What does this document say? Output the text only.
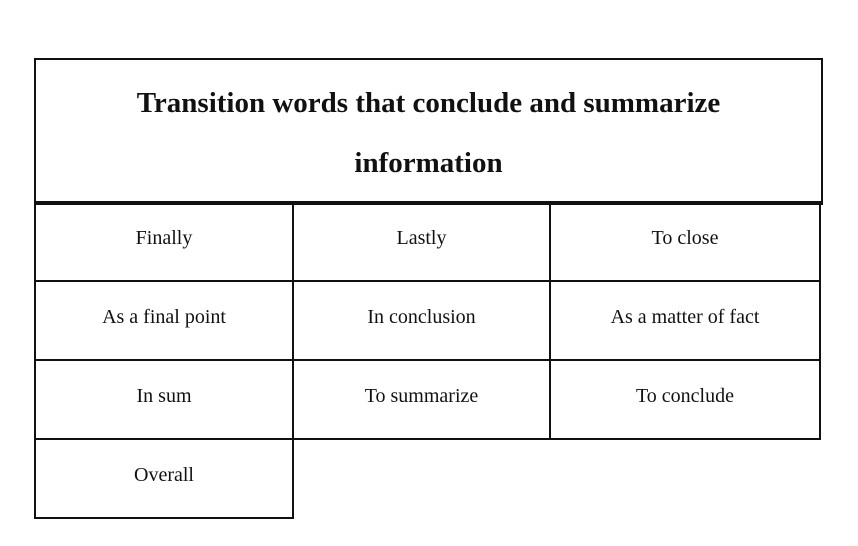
Transition words that conclude and summarize information
Finally	Lastly	To close
As a final point	In conclusion	As a matter of fact
In sum	To summarize	To conclude
Overall
